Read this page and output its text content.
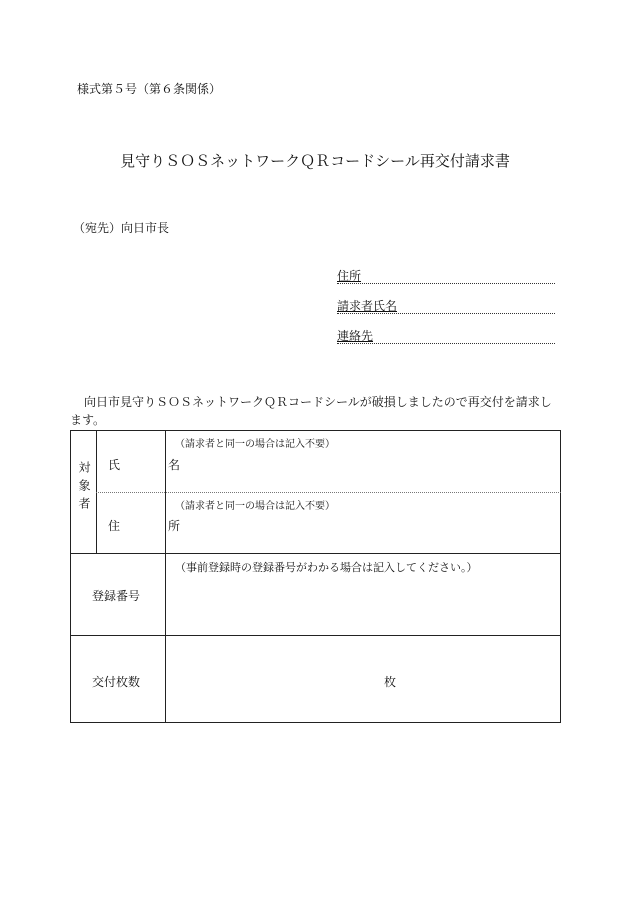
様式第５号（第６条関係）
見守りＳＯＳネットワークＱＲコードシール再交付請求書
（宛先）向日市長
住所
請求者氏名
連絡先
向日市見守りＳＯＳネットワークＱＲコードシールが破損しましたので再交付を請求します。
対象者 氏　名
（請求者と同一の場合は記入不要）
住　所
（請求者と同一の場合は記入不要）
登録番号
（事前登録時の登録番号がわかる場合は記入してください。）
交付枚数	枚
